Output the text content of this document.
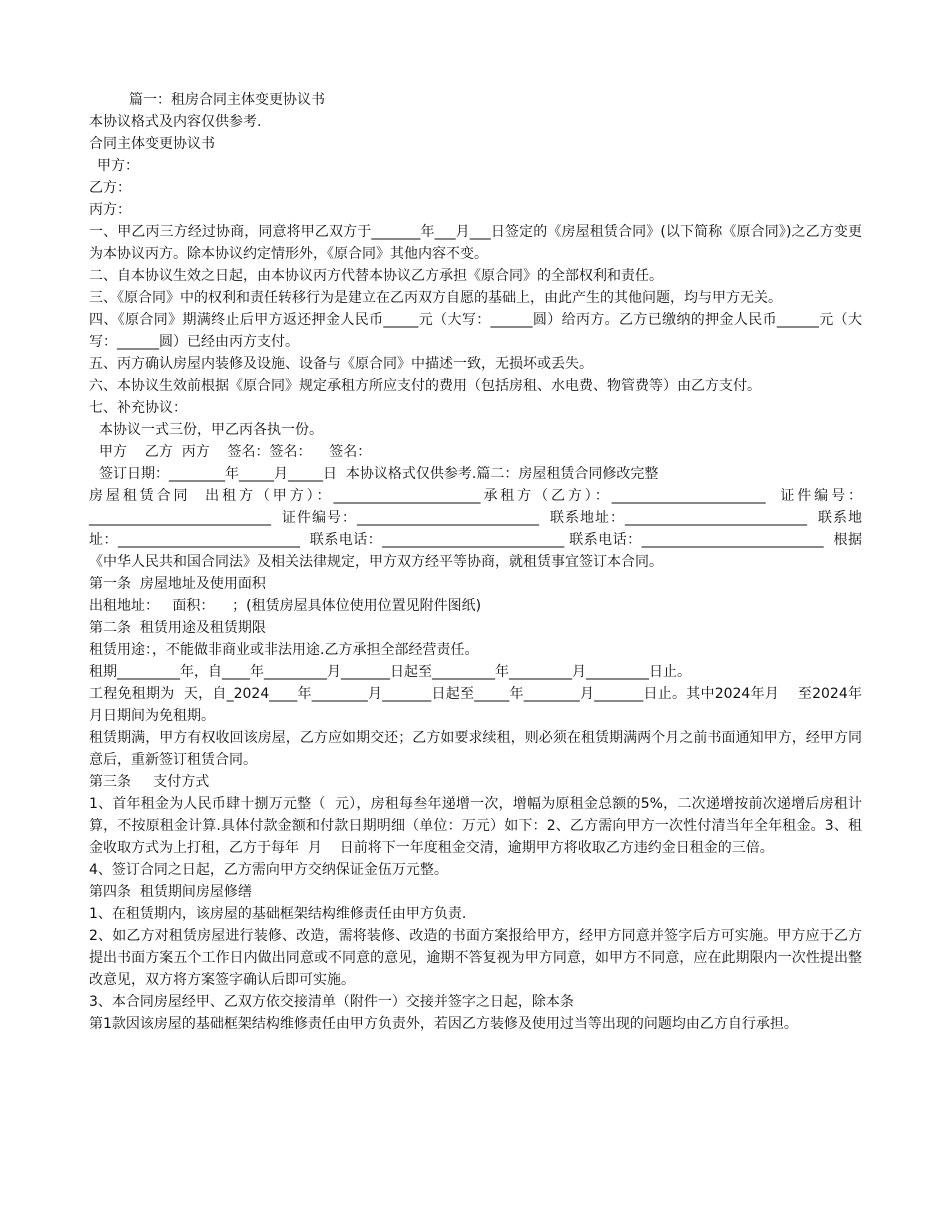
篇一：租房合同主体变更协议书

本协议格式及内容仅供参考.

合同主体变更协议书

甲方：

乙方：

丙方：

一、甲乙丙三方经过协商，同意将甲乙双方于_______年___月___日签定的《房屋租赁合同》(以下简称《原合同》)之乙方变更为本协议丙方。除本协议约定情形外，《原合同》其他内容不变。

二、自本协议生效之日起，由本协议丙方代替本协议乙方承担《原合同》的全部权利和责任。

三、《原合同》中的权利和责任转移行为是建立在乙丙双方自愿的基础上，由此产生的其他问题，均与甲方无关。

四、《原合同》期满终止后甲方返还押金人民币_____元（大写：______圆）给丙方。乙方已缴纳的押金人民币______元（大写：______圆）已经由丙方支付。

五、丙方确认房屋内装修及设施、设备与《原合同》中描述一致，无损坏或丢失。

六、本协议生效前根据《原合同》规定承租方所应支付的费用（包括房租、水电费、物管费等）由乙方支付。

七、补充协议：

本协议一式三份，甲乙丙各执一份。

甲方    乙方  丙方    签名：签名：    签名：

签订日期：________年_____月_____日  本协议格式仅供参考.篇二：房屋租赁合同修改完整

房屋租赁合同  出租方（甲方）：_____________________承租方（乙方）：______________________  证件编号：__________________________  证件编号：__________________________  联系地址：__________________________  联系地址：__________________________  联系电话：__________________________ 联系电话：__________________________  根据《中华人民共和国合同法》及相关法律规定，甲方双方经平等协商，就租赁事宜签订本合同。

第一条  房屋地址及使用面积

出租地址：   面积：    ；(租赁房屋具体位使用位置见附件图纸)

第二条  租赁用途及租赁期限

租赁用途：，不能做非商业或非法用途.乙方承担全部经营责任。

租期_________年，自____年_________月_______日起至_________年_________月_________日止。

工程免租期为  天，自_2024____年________月_______日起至_____年________月_______日止。其中2024年月    至2024年    月日期间为免租期。

租赁期满，甲方有权收回该房屋，乙方应如期交还；乙方如要求续租，则必须在租赁期满两个月之前书面通知甲方，经甲方同意后，重新签订租赁合同。

第三条     支付方式

1、首年租金为人民币肆十捌万元整（  元），房租每叁年递增一次，增幅为原租金总额的5%，二次递增按前次递增后房租计算，不按原租金计算.具体付款金额和付款日期明细（单位：万元）如下：2、乙方需向甲方一次性付清当年全年租金。3、租金收取方式为上打租，乙方于每年  月    日前将下一年度租金交清，逾期甲方将收取乙方违约金日租金的三倍。

4、签订合同之日起，乙方需向甲方交纳保证金伍万元整。

第四条  租赁期间房屋修缮

1、在租赁期内，该房屋的基础框架结构维修责任由甲方负责.

2、如乙方对租赁房屋进行装修、改造，需将装修、改造的书面方案报给甲方，经甲方同意并签字后方可实施。甲方应于乙方提出书面方案五个工作日内做出同意或不同意的意见，逾期不答复视为甲方同意，如甲方不同意，应在此期限内一次性提出整改意见，双方将方案签字确认后即可实施。

3、本合同房屋经甲、乙双方依交接清单（附件一）交接并签字之日起，除本条

第1款因该房屋的基础框架结构维修责任由甲方负责外，若因乙方装修及使用过当等出现的问题均由乙方自行承担。
